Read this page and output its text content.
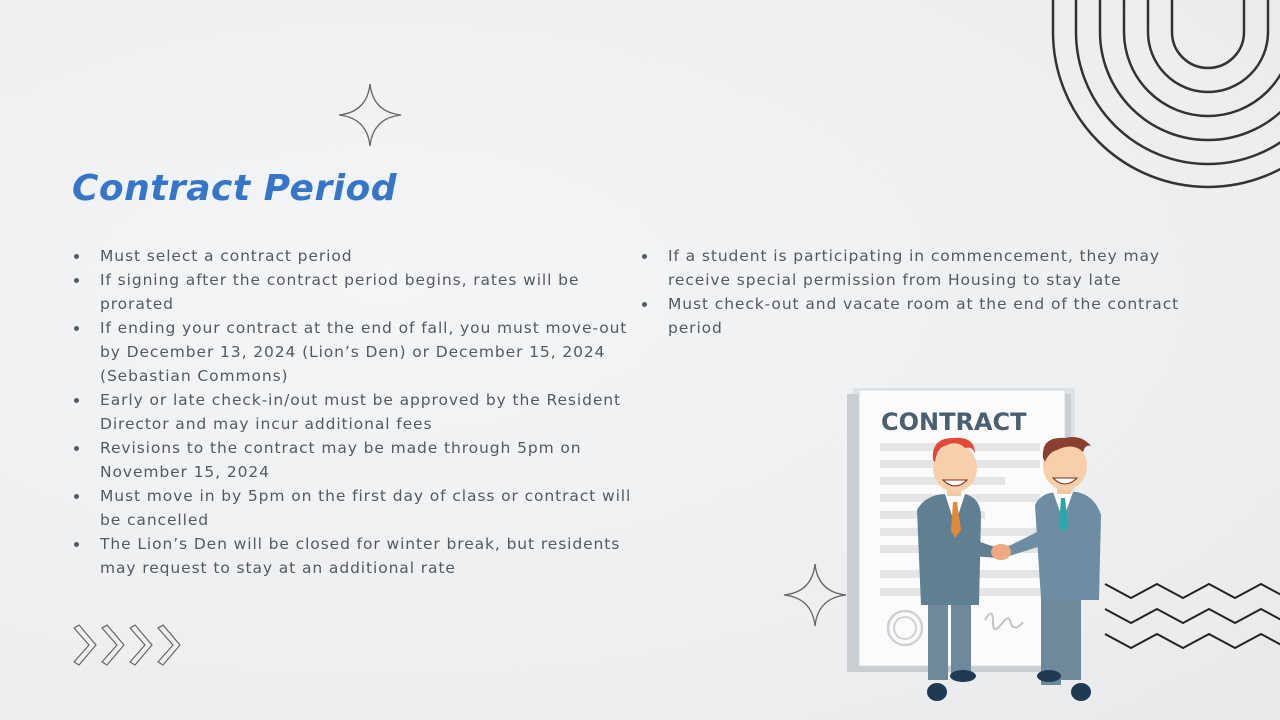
Contract Period
Must select a contract period
If signing after the contract period begins, rates will be prorated
If ending your contract at the end of fall, you must move-out by December 13, 2024 (Lion’s Den) or December 15, 2024 (Sebastian Commons)
Early or late check-in/out must be approved by the Resident Director and may incur additional fees
Revisions to the contract may be made through 5pm on November 15, 2024
Must move in by 5pm on the first day of class or contract will be cancelled
The Lion’s Den will be closed for winter break, but residents may request to stay at an additional rate
If a student is participating in commencement, they may receive special permission from Housing to stay late
Must check-out and vacate room at the end of the contract period
CONTRACT
